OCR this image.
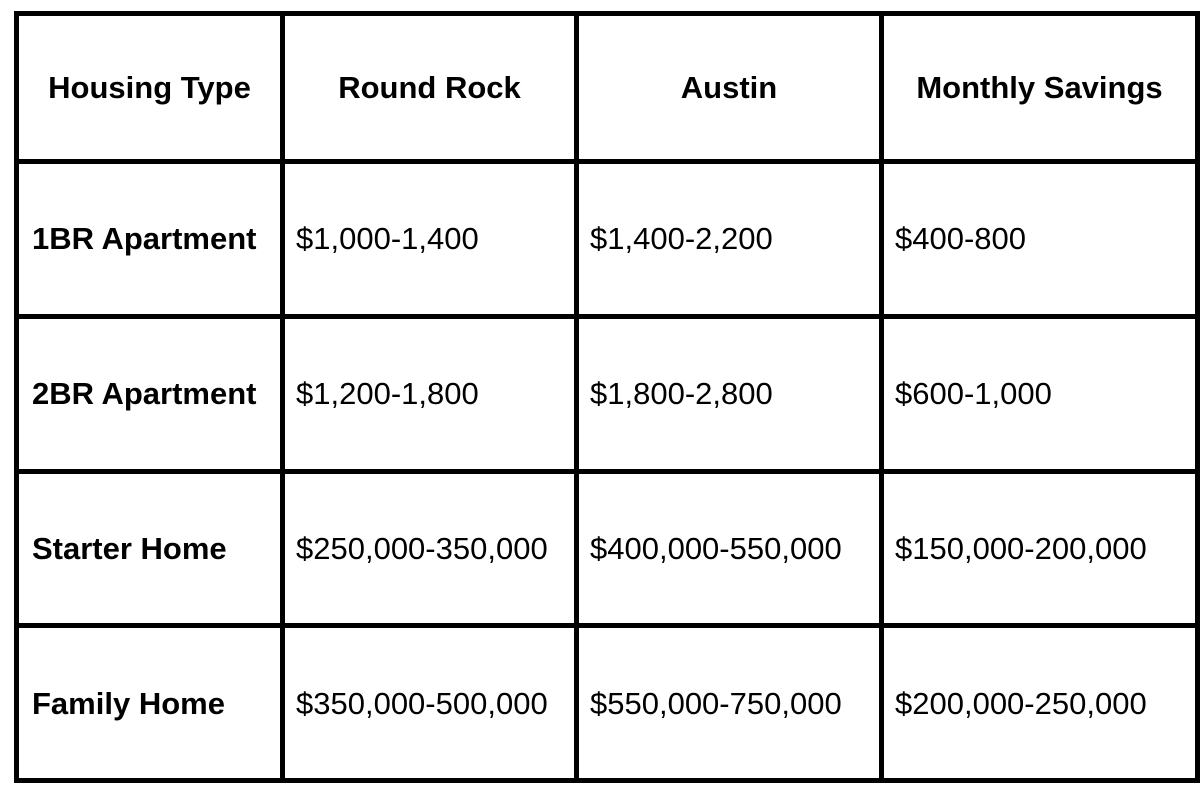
Housing Type	Round Rock	Austin	Monthly Savings
1BR Apartment	$1,000-1,400	$1,400-2,200	$400-800
2BR Apartment	$1,200-1,800	$1,800-2,800	$600-1,000
Starter Home	$250,000-350,000	$400,000-550,000	$150,000-200,000
Family Home	$350,000-500,000	$550,000-750,000	$200,000-250,000
